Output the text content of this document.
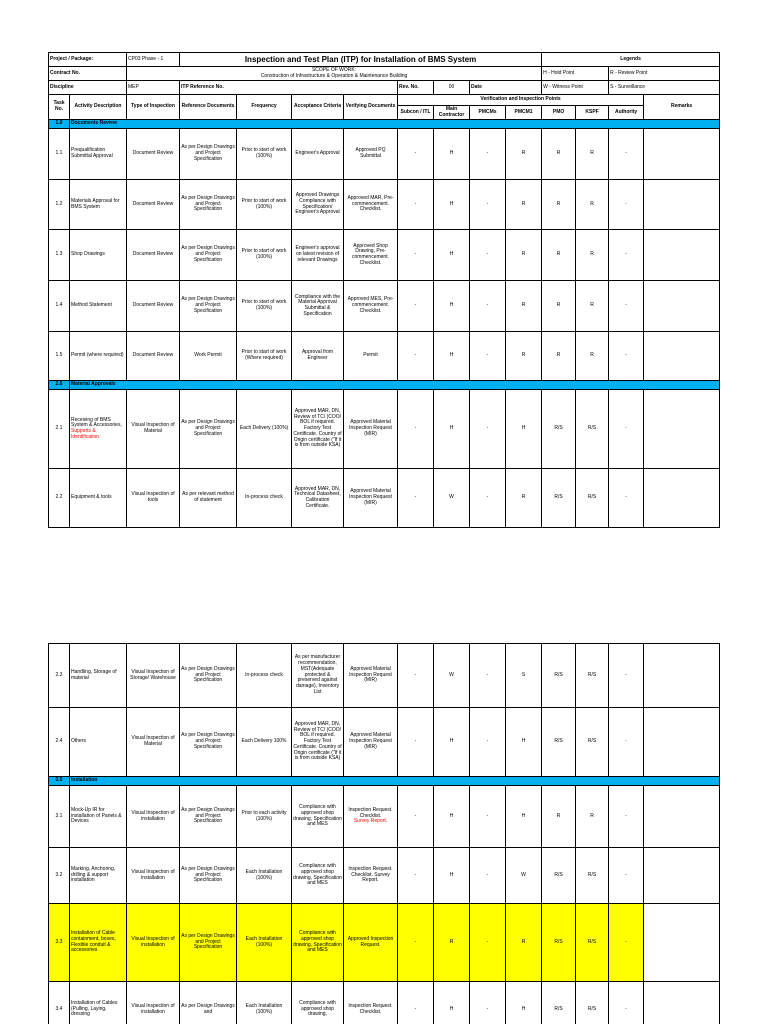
Project / Package:		CP03 Phase - 1	Inspection and Test Plan (ITP) for Installation of BMS System								Legends			
Contract No.		SCOPE OF WORK:
Construction of Infrastructure & Operation & Maintenance Building									H - Hold Point		R - Review Point	
Discipline		MEP	ITP Reference No.				Rev. No.	00	Date		W - Witness Point		S - Surveillance	
Task No.	Activity Description	Type of Inspection	Reference Documents	Frequency	Acceptance Criteria	Verifying Documents	Verification and Inspection Points							Remarks
							Subcon / ITL	Main Contractor	PMCMs	PMCM1	PMO	KSPF	Authority	
1.0	Documents Review													
1.1	Prequalification Submittal Approval	Document Review	As per Design Drawings and Project Specification	Prior to start of work (100%)	Engineer's Approval	Approved PQ Submittal	-	H	-	R	R	R	-	
1.2	Materials Approval for BMS System	Document Review	As per Design Drawings and Project Specification	Prior to start of work (100%)	Approved Drawings Compliance with Specification/ Engineer's Approval	Approved MAR, Pre-commencement. Checklist.	-	H	-	R	R	R	-	
1.3	Shop Drawings	Document Review	As per Design Drawings and Project Specification	Prior to start of work (100%)	Engineer's approval on latest revision of relevant Drawings	Approved Shop Drawing, Pre-commencement. Checklist.	-	H	-	R	R	R	-	
1.4	Method Statement	Document Review	As per Design Drawings and Project Specification	Prior to start of work (100%)	Compliance with the Material Approval Submittal & Specification	Approved MES, Pre-commencement. Checklist.	-	H	-	R	R	R	-	
1.5	Permit (where required)	Document Review	Work Permit	Prior to start of work (Where required)	Approval from Engineer	Permit	-	H	-	R	R	R	-	
2.0	Material Approvals													
2.1	Receiving of BMS System & Accessories, Supports & Identification.	Visual Inspection of Material	As per Design Drawings and Project Specification	Each Delivery (100%)	Approved MAR, DN, Review of TC/ (COO/ BOL if required. Factory Test Certificate. Country of Origin certificate ("If it is from outside KSA)	Approved Material Inspection Request (MIR)	-	H	-	H	R/S	R/S	-	
2.2	Equipment & tools	Visual Inspection of tools	As per relevant method of statement	In-process check	Approved MAR, DN, Technical Datasheet, Calibration Certificate.	Approved Material Inspection Request (MIR)	-	W	-	R	R/S	R/S	-	
2.3	Handling, Storage of material	Visual Inspection of Storage/ Warehouse	As per Design Drawings and Project Specification	In-process check	As per manufacturer recommendation, MST(Adequate protected & preserved against damage), Inventory List	Approved Material Inspection Request (MIR)	-	W	-	S	R/S	R/S	-	
2.4	Others	Visual Inspection of Material	As per Design Drawings and Project Specification	Each Delivery 100%	Approved MAR, DN, Review of TC/ (COO/ BOL if required. Factory Test Certificate. Country of Origin certificate ("If it is from outside KSA)	Approved Material Inspection Request (MIR)	-	H	-	H	R/S	R/S	-	
3.0	Installation													
3.1	Mock-Up IR for installation of Panels & Devices	Visual Inspection of installation	As per Design Drawings and Project Specification	Prior to each activity (100%)	Compliance with approved shop drawing, Specification and MES	Inspection Request. Checklist.
Survey Report.	-	H	-	H	R	R	-	
3.2	Marking, Anchoring, drilling & support installation	Visual Inspection of installation	As per Design Drawings and Project Specification	Each Installation (100%)	Compliance with approved shop drawing, Specification and MES	Inspection Request. Checklist. Survey Report.	-	H	-	W	R/S	R/S	-	
3.3	Installation of Cable containment, boxes, Flexible conduit & accessories	Visual Inspection of installation	As per Design Drawings and Project Specification	Each Installation (100%)	Compliance with approved shop drawing, Specification and MES	Approved Inspection Request.	-	R	-	R	R/S	R/S	-	
3.4	Installation of Cables (Pulling, Laying, dressing	Visual Inspection of installation	As per Design Drawings and	Each Installation (100%)	Compliance with approved shop drawing,	Inspection Request. Checklist.	-	H	-	H	R/S	R/S	-	
